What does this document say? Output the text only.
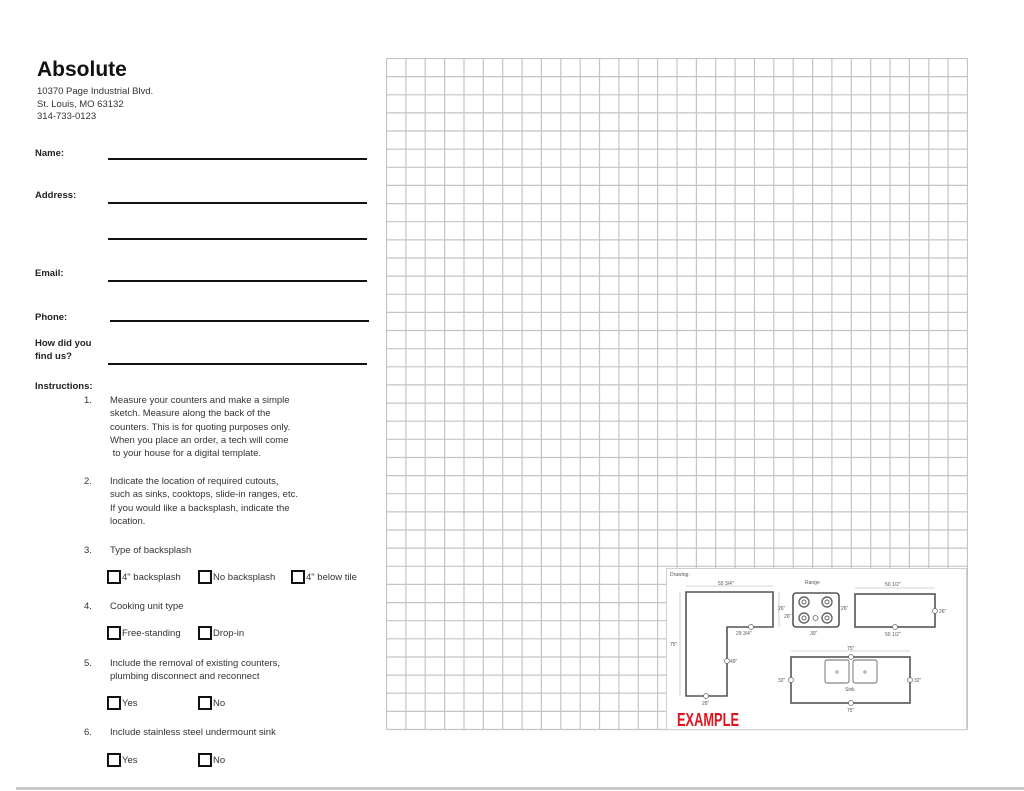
Absolute
10370 Page Industrial Blvd.
St. Louis, MO 63132
314-733-0123
Name:
Address:
Email:
Phone:
How did you
find us?
Instructions:
1. Measure your counters and make a simple
sketch. Measure along the back of the
counters. This is for quoting purposes only.
When you place an order, a tech will come
to your house for a digital template.
2. Indicate the location of required cutouts,
such as sinks, cooktops, slide-in ranges, etc.
If you would like a backsplash, indicate the
location.
3. Type of backsplash
4" backsplash	No backsplash	4" below tile
4. Cooking unit type
Free-standing	Drop-in
5. Include the removal of existing counters,
plumbing disconnect and reconnect
Yes	No
6. Include stainless steel undermount sink
Yes	No
Drawing:
55 3/4"
26"
29 3/4"
75"
49"
26"
Range
26"
26"
30"
50 1/2"
26"
50 1/2"
75"
32"	32"
75"
Sink
EXAMPLE
